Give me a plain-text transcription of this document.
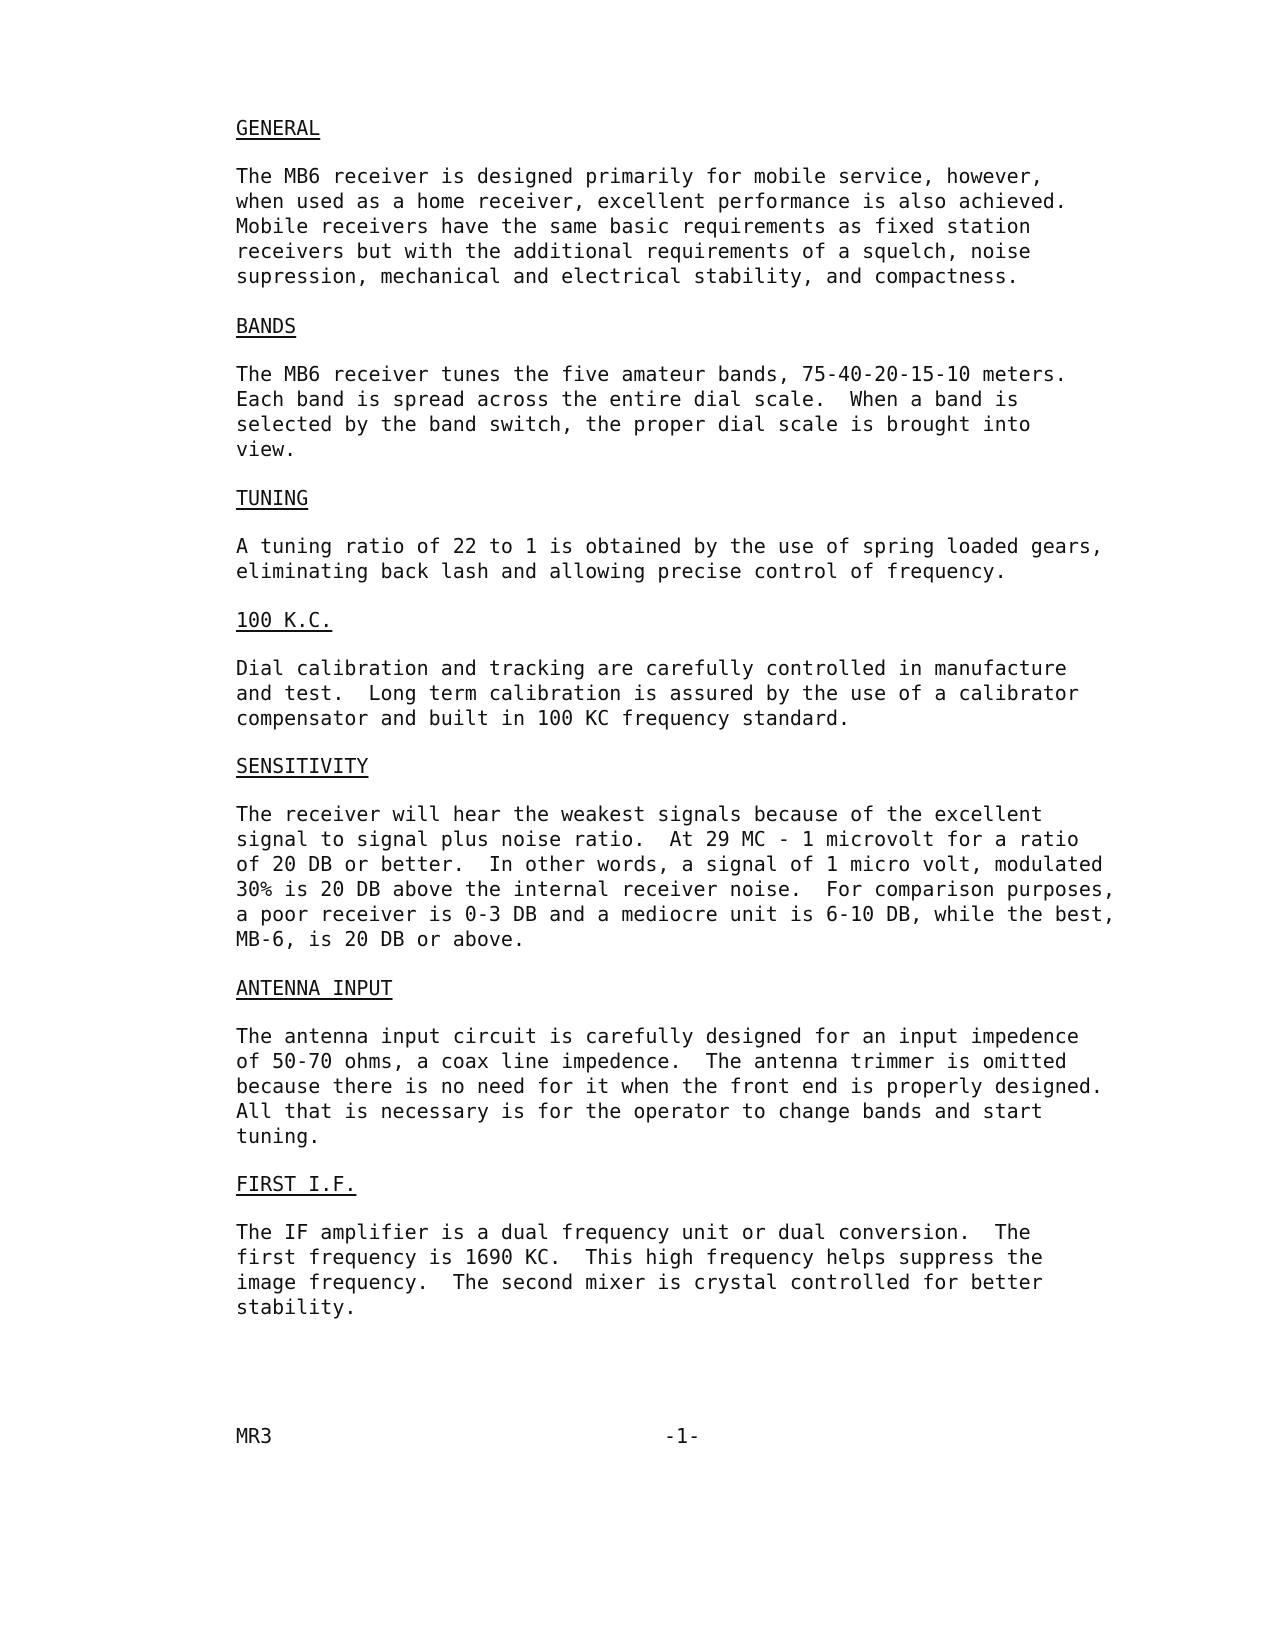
GENERAL

The MB6 receiver is designed primarily for mobile service, however,
when used as a home receiver, excellent performance is also achieved.
Mobile receivers have the same basic requirements as fixed station
receivers but with the additional requirements of a squelch, noise
supression, mechanical and electrical stability, and compactness.

BANDS

The MB6 receiver tunes the five amateur bands, 75-40-20-15-10 meters.
Each band is spread across the entire dial scale.  When a band is
selected by the band switch, the proper dial scale is brought into
view.

TUNING

A tuning ratio of 22 to 1 is obtained by the use of spring loaded gears,
eliminating back lash and allowing precise control of frequency.

100 K.C.

Dial calibration and tracking are carefully controlled in manufacture
and test.  Long term calibration is assured by the use of a calibrator
compensator and built in 100 KC frequency standard.

SENSITIVITY

The receiver will hear the weakest signals because of the excellent
signal to signal plus noise ratio.  At 29 MC - 1 microvolt for a ratio
of 20 DB or better.  In other words, a signal of 1 micro volt, modulated
30% is 20 DB above the internal receiver noise.  For comparison purposes,
a poor receiver is 0-3 DB and a mediocre unit is 6-10 DB, while the best,
MB-6, is 20 DB or above.

ANTENNA INPUT

The antenna input circuit is carefully designed for an input impedence
of 50-70 ohms, a coax line impedence.  The antenna trimmer is omitted
because there is no need for it when the front end is properly designed.
All that is necessary is for the operator to change bands and start
tuning.

FIRST I.F.

The IF amplifier is a dual frequency unit or dual conversion.  The
first frequency is 1690 KC.  This high frequency helps suppress the
image frequency.  The second mixer is crystal controlled for better
stability.

MR3	-1-
